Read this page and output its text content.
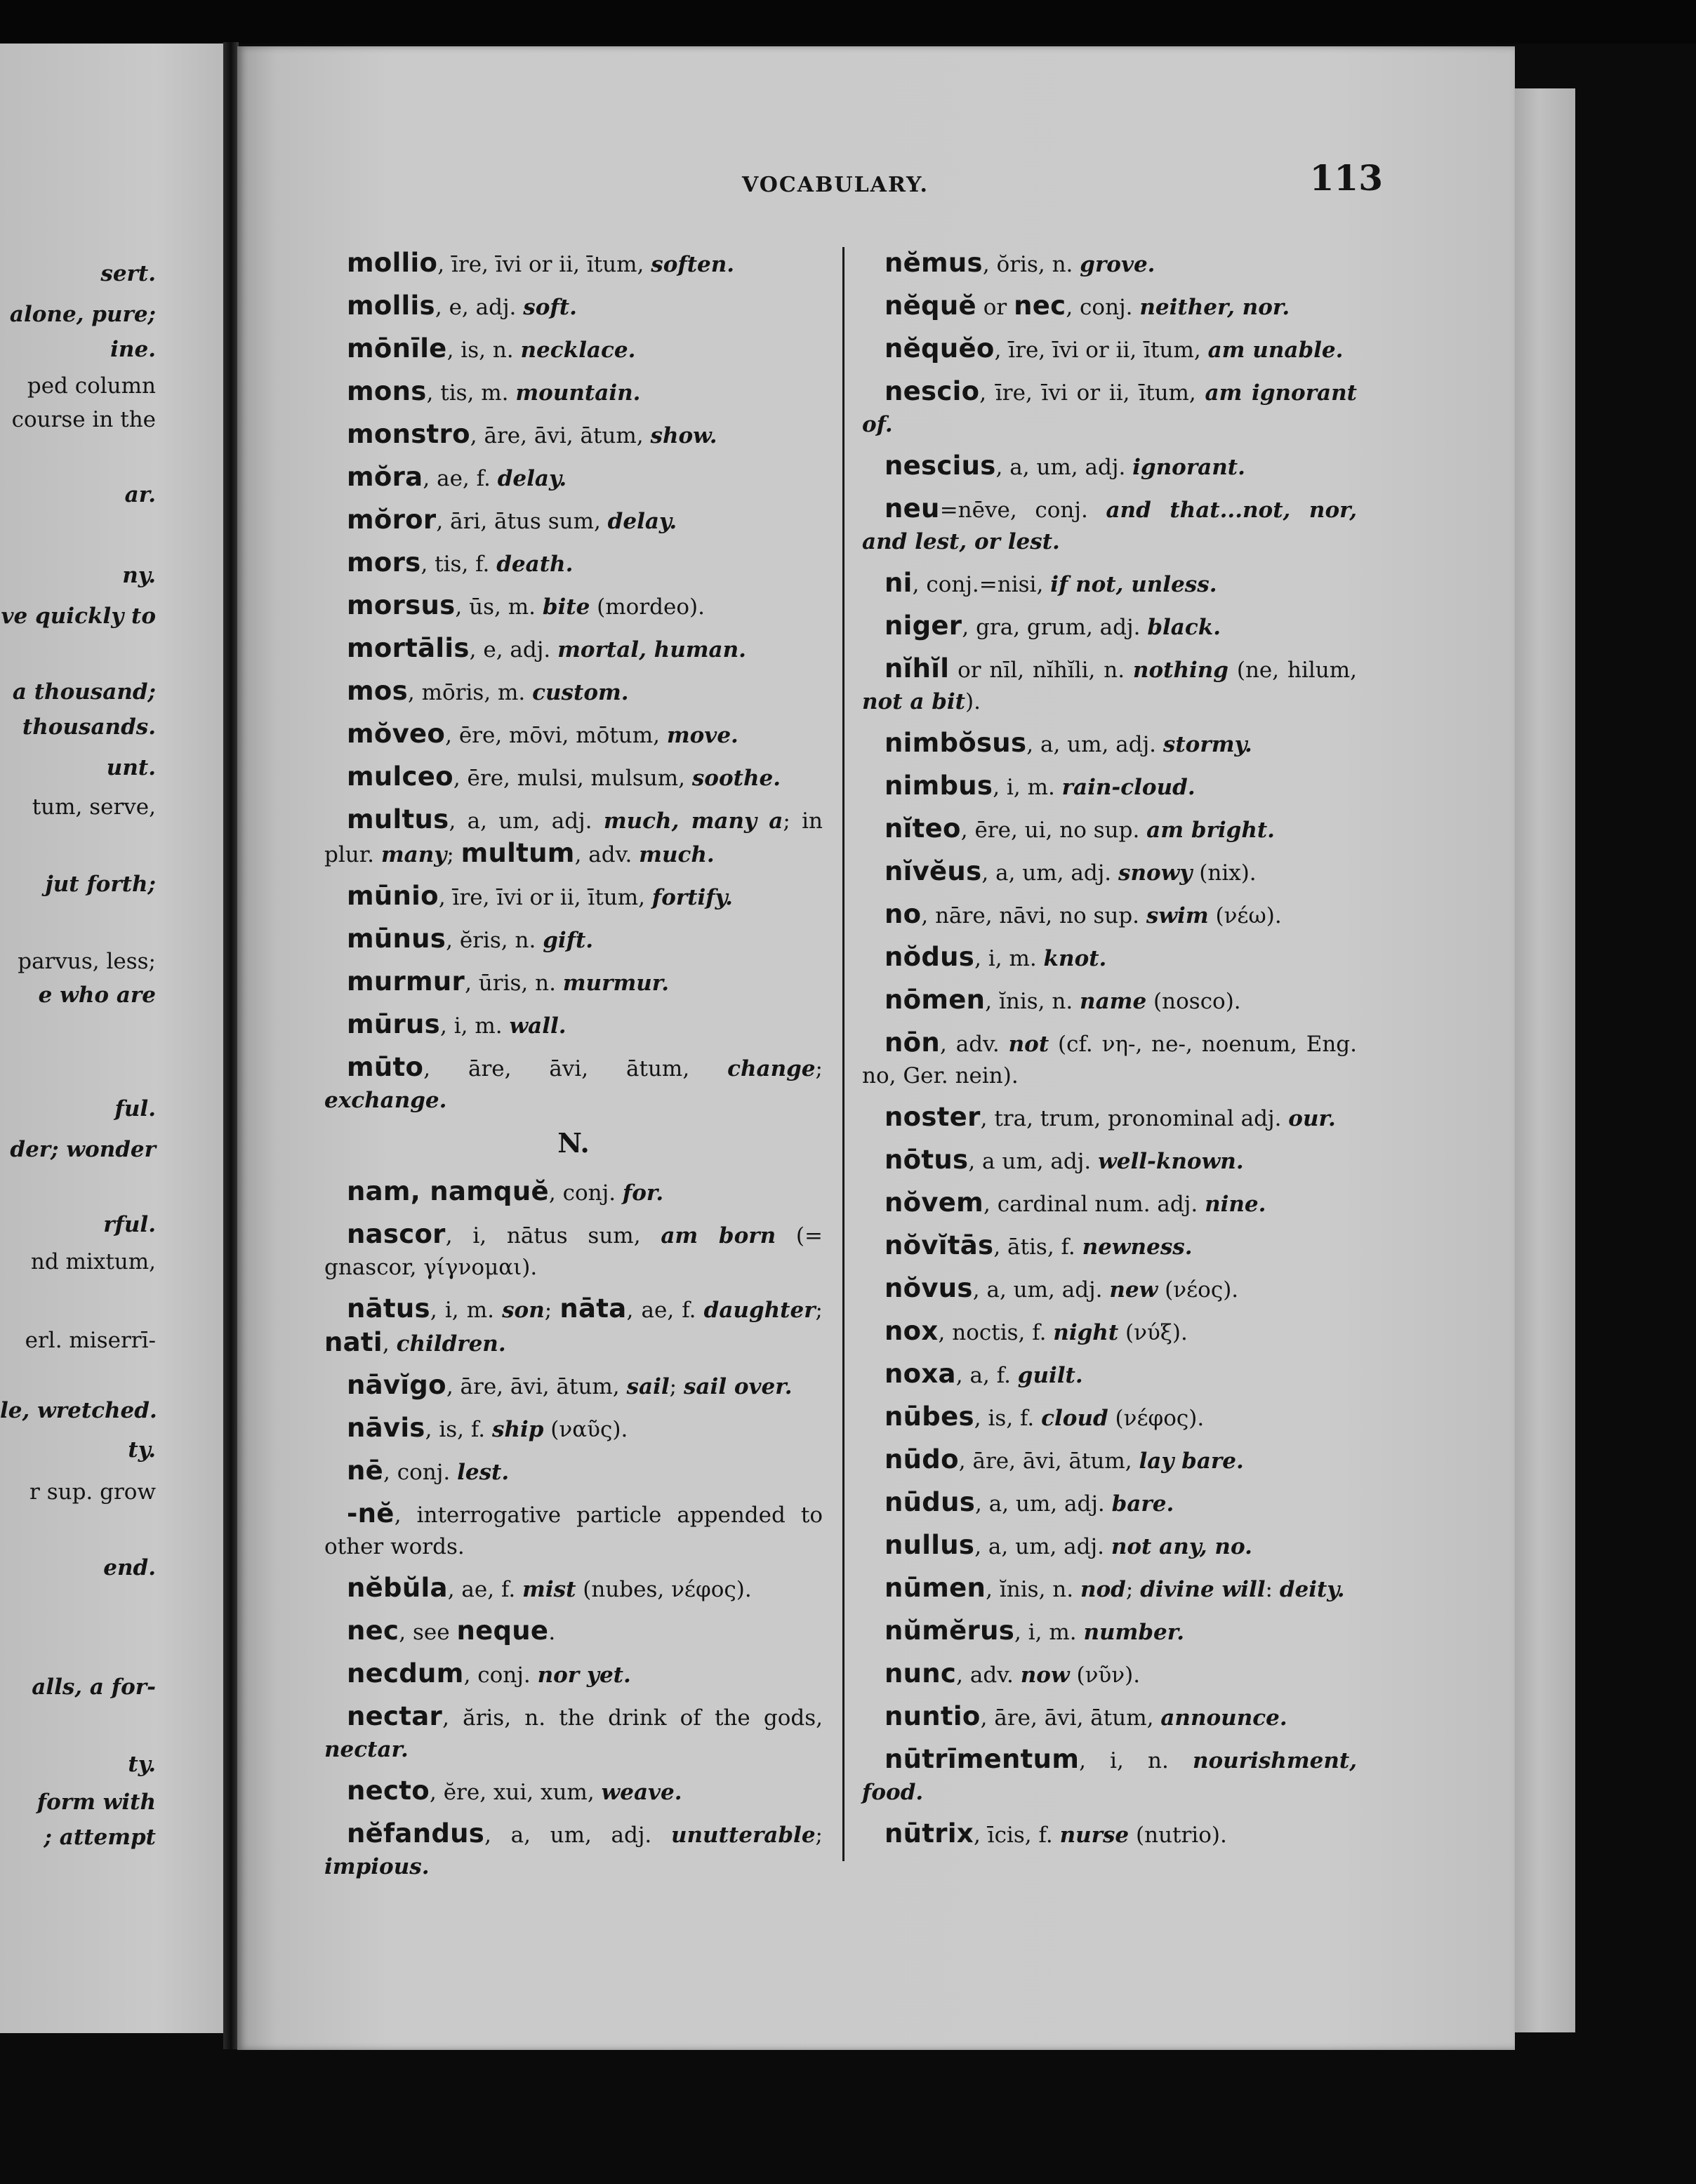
sert.
alone, pure;
ine.
ped column
course in the
ar.
ny.
ve quickly to
a thousand;
thousands.
unt.
tum, serve,
jut forth;
parvus, less;
e who are
ful.
der; wonder
rful.
nd mixtum,
erl. miserrī-
le, wretched.
ty.
r sup. grow
end.
alls, a for-
ty.
form with
; attempt
VOCABULARY.	113
mollio, īre, īvi or ii, ītum, soften.
mollis, e, adj. soft.
mōnīle, is, n. necklace.
mons, tis, m. mountain.
monstro, āre, āvi, ātum, show.
mŏra, ae, f. delay.
mŏror, āri, ātus sum, delay.
mors, tis, f. death.
morsus, ūs, m. bite (mordeo).
mortālis, e, adj. mortal, human.
mos, mōris, m. custom.
mŏveo, ēre, mōvi, mōtum, move.
mulceo, ēre, mulsi, mulsum, soothe.
multus, a, um, adj. much, many a; in plur. many; multum, adv. much.
mūnio, īre, īvi or ii, ītum, fortify.
mūnus, ĕris, n. gift.
murmur, ūris, n. murmur.
mūrus, i, m. wall.
mūto, āre, āvi, ātum, change; exchange.
N.
nam, namquĕ, conj. for.
nascor, i, nātus sum, am born (= gnascor, γίγνομαι).
nātus, i, m. son; nāta, ae, f. daughter; nati, children.
nāvĭgo, āre, āvi, ātum, sail; sail over.
nāvis, is, f. ship (ναῦς).
nē, conj. lest.
-nĕ, interrogative particle appended to other words.
nĕbŭla, ae, f. mist (nubes, νέφος).
nec, see neque.
necdum, conj. nor yet.
nectar, ăris, n. the drink of the gods, nectar.
necto, ĕre, xui, xum, weave.
nĕfandus, a, um, adj. unutterable; impious.
nĕmus, ŏris, n. grove.
nĕquĕ or nec, conj. neither, nor.
nĕquĕo, īre, īvi or ii, ītum, am unable.
nescio, īre, īvi or ii, ītum, am ignorant of.
nescius, a, um, adj. ignorant.
neu=nēve, conj. and that...not, nor, and lest, or lest.
ni, conj.=nisi, if not, unless.
niger, gra, grum, adj. black.
nĭhĭl or nīl, nĭhĭli, n. nothing (ne, hilum, not a bit).
nimbŏsus, a, um, adj. stormy.
nimbus, i, m. rain-cloud.
nĭteo, ēre, ui, no sup. am bright.
nĭvĕus, a, um, adj. snowy (nix).
no, nāre, nāvi, no sup. swim (νέω).
nŏdus, i, m. knot.
nōmen, ĭnis, n. name (nosco).
nōn, adv. not (cf. νη-, ne-, noenum, Eng. no, Ger. nein).
noster, tra, trum, pronominal adj. our.
nōtus, a um, adj. well-known.
nŏvem, cardinal num. adj. nine.
nŏvĭtās, ātis, f. newness.
nŏvus, a, um, adj. new (νέος).
nox, noctis, f. night (νύξ).
noxa, a, f. guilt.
nūbes, is, f. cloud (νέφος).
nūdo, āre, āvi, ātum, lay bare.
nūdus, a, um, adj. bare.
nullus, a, um, adj. not any, no.
nūmen, ĭnis, n. nod; divine will: deity.
nŭmĕrus, i, m. number.
nunc, adv. now (νῦν).
nuntio, āre, āvi, ātum, announce.
nūtrīmentum, i, n. nourishment, food.
nūtrix, īcis, f. nurse (nutrio).
